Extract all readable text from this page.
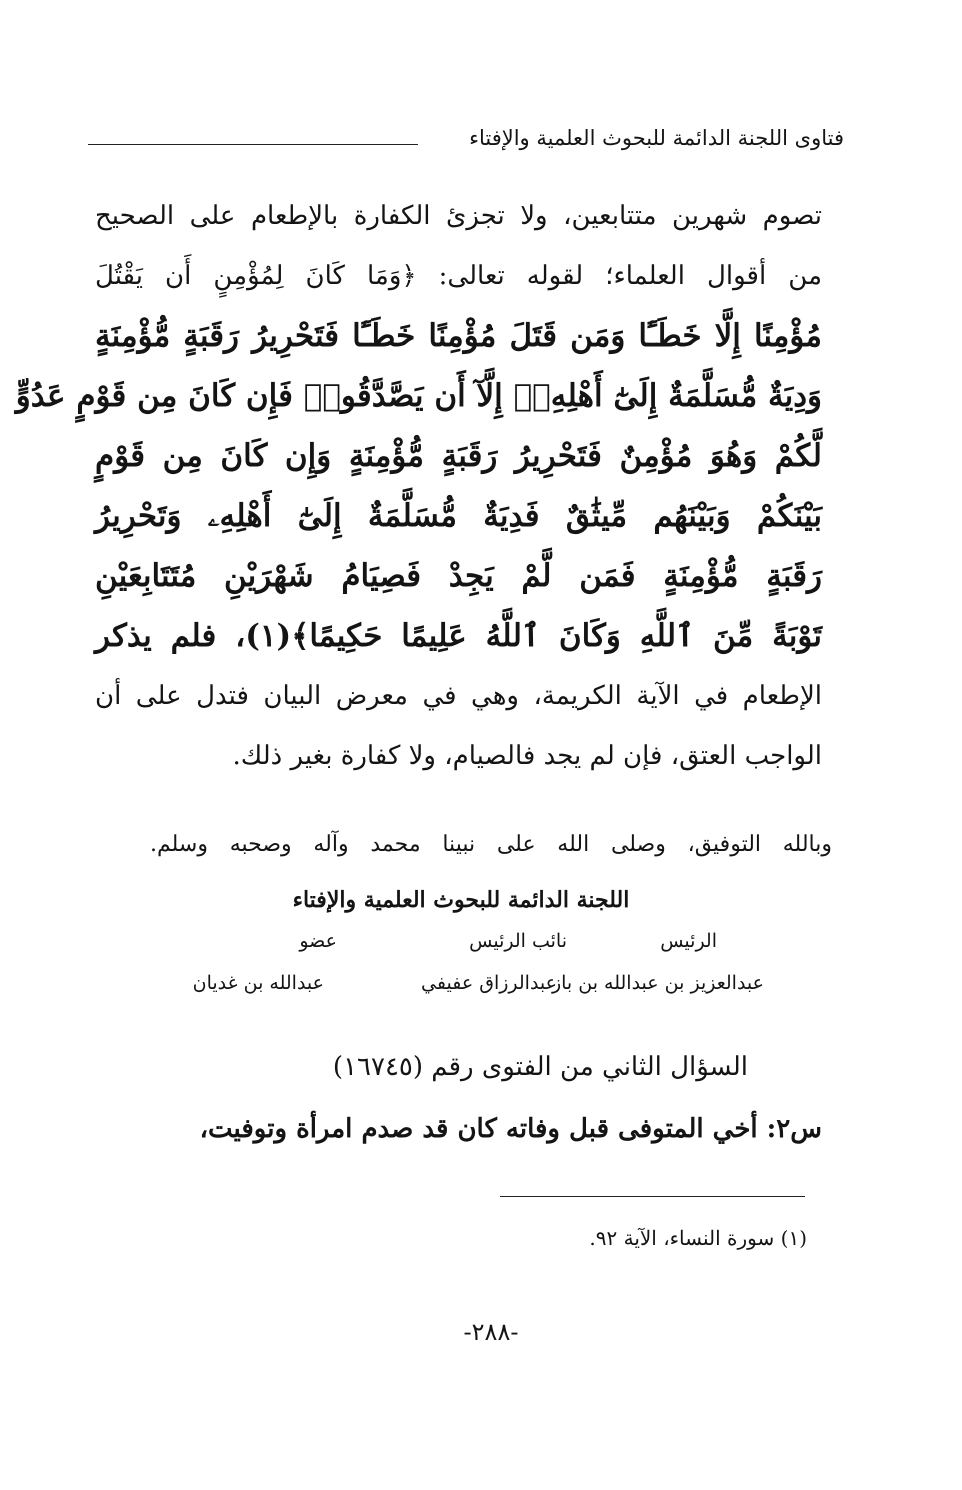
فتاوى اللجنة الدائمة للبحوث العلمية والإفتاء
تصوم شهرين متتابعين، ولا تجزئ الكفارة بالإطعام على الصحيح
من أقوال العلماء؛ لقوله تعالى: ﴿وَمَا كَانَ لِمُؤْمِنٍ أَن يَقْتُلَ
مُؤْمِنًا إِلَّا خَطَـًٔا وَمَن قَتَلَ مُؤْمِنًا خَطَـًٔا فَتَحْرِيرُ رَقَبَةٍ مُّؤْمِنَةٍ
وَدِيَةٌ مُّسَلَّمَةٌ إِلَىٰٓ أَهْلِهِۦٓ إِلَّآ أَن يَصَّدَّقُوا۟ فَإِن كَانَ مِن قَوْمٍ عَدُوٍّ
لَّكُمْ وَهُوَ مُؤْمِنٌ فَتَحْرِيرُ رَقَبَةٍ مُّؤْمِنَةٍ وَإِن كَانَ مِن قَوْمٍ
بَيْنَكُمْ وَبَيْنَهُم مِّيثَٰقٌ فَدِيَةٌ مُّسَلَّمَةٌ إِلَىٰٓ أَهْلِهِۦ وَتَحْرِيرُ
رَقَبَةٍ مُّؤْمِنَةٍ فَمَن لَّمْ يَجِدْ فَصِيَامُ شَهْرَيْنِ مُتَتَابِعَيْنِ
تَوْبَةً مِّنَ ٱللَّهِ وَكَانَ ٱللَّهُ عَلِيمًا حَكِيمًا﴾(١)، فلم يذكر
الإطعام في الآية الكريمة، وهي في معرض البيان فتدل على أن
الواجب العتق، فإن لم يجد فالصيام، ولا كفارة بغير ذلك.
وبالله التوفيق، وصلى الله على نبينا محمد وآله وصحبه وسلم.
اللجنة الدائمة للبحوث العلمية والإفتاء
الرئيس
نائب الرئيس
عضو
عبدالعزيز بن عبدالله بن باز
عبدالرزاق عفيفي
عبدالله بن غديان
السؤال الثاني من الفتوى رقم (١٦٧٤٥)
س٢: أخي المتوفى قبل وفاته كان قد صدم امرأة وتوفيت،
(١) سورة النساء، الآية ٩٢.
-٢٨٨-
